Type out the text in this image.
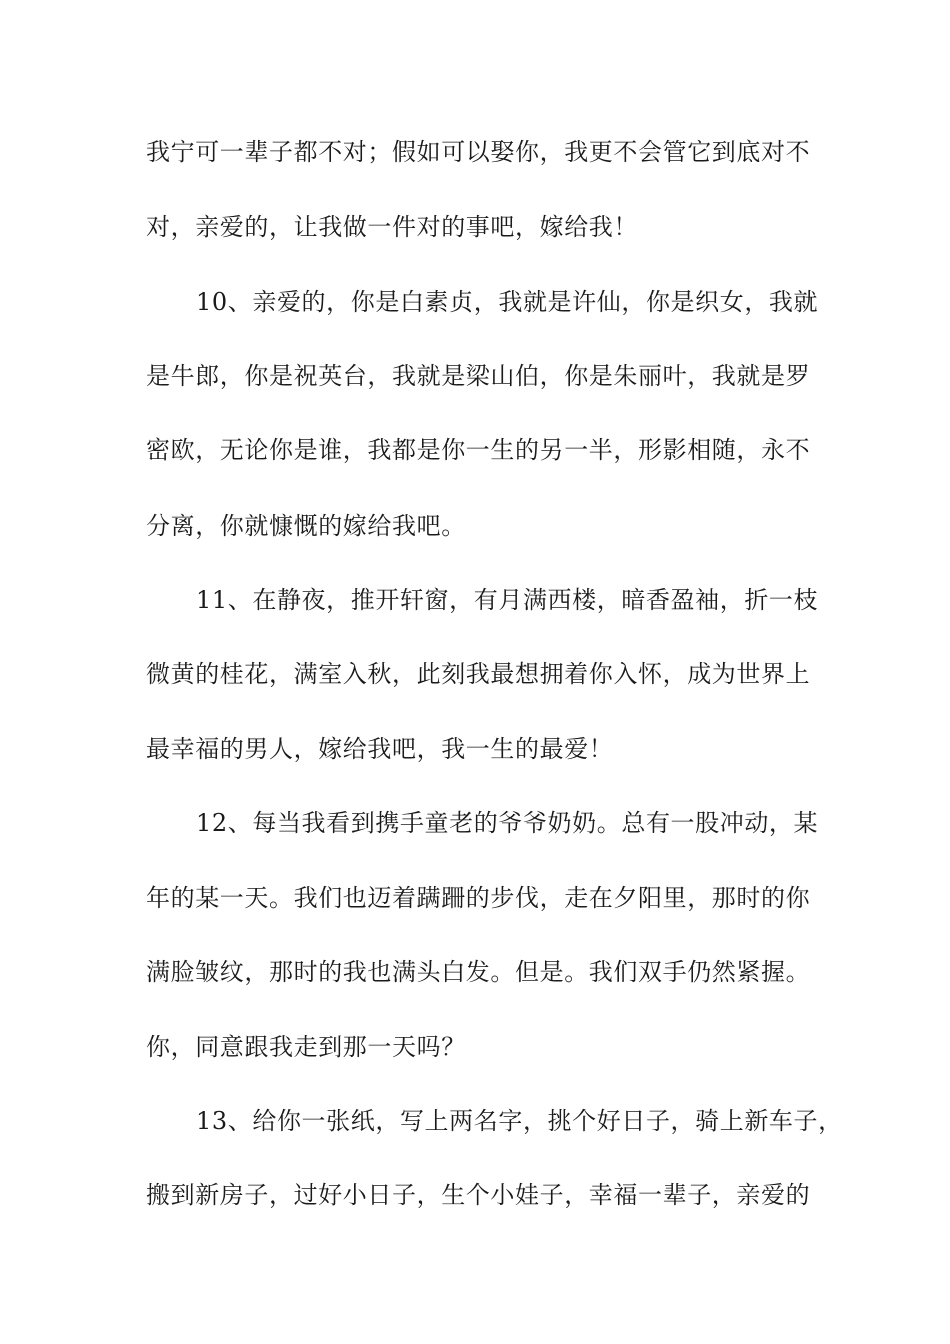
我宁可一辈子都不对；假如可以娶你，我更不会管它到底对不

对，亲爱的，让我做一件对的事吧，嫁给我！

10、亲爱的，你是白素贞，我就是许仙，你是织女，我就

是牛郎，你是祝英台，我就是梁山伯，你是朱丽叶，我就是罗

密欧，无论你是谁，我都是你一生的另一半，形影相随，永不

分离，你就慷慨的嫁给我吧。

11、在静夜，推开轩窗，有月满西楼，暗香盈袖，折一枝

微黄的桂花，满室入秋，此刻我最想拥着你入怀，成为世界上

最幸福的男人，嫁给我吧，我一生的最爱！

12、每当我看到携手童老的爷爷奶奶。总有一股冲动，某

年的某一天。我们也迈着蹒跚的步伐，走在夕阳里，那时的你

满脸皱纹，那时的我也满头白发。但是。我们双手仍然紧握。

你，同意跟我走到那一天吗？

13、给你一张纸，写上两名字，挑个好日子，骑上新车子，

搬到新房子，过好小日子，生个小娃子，幸福一辈子，亲爱的
